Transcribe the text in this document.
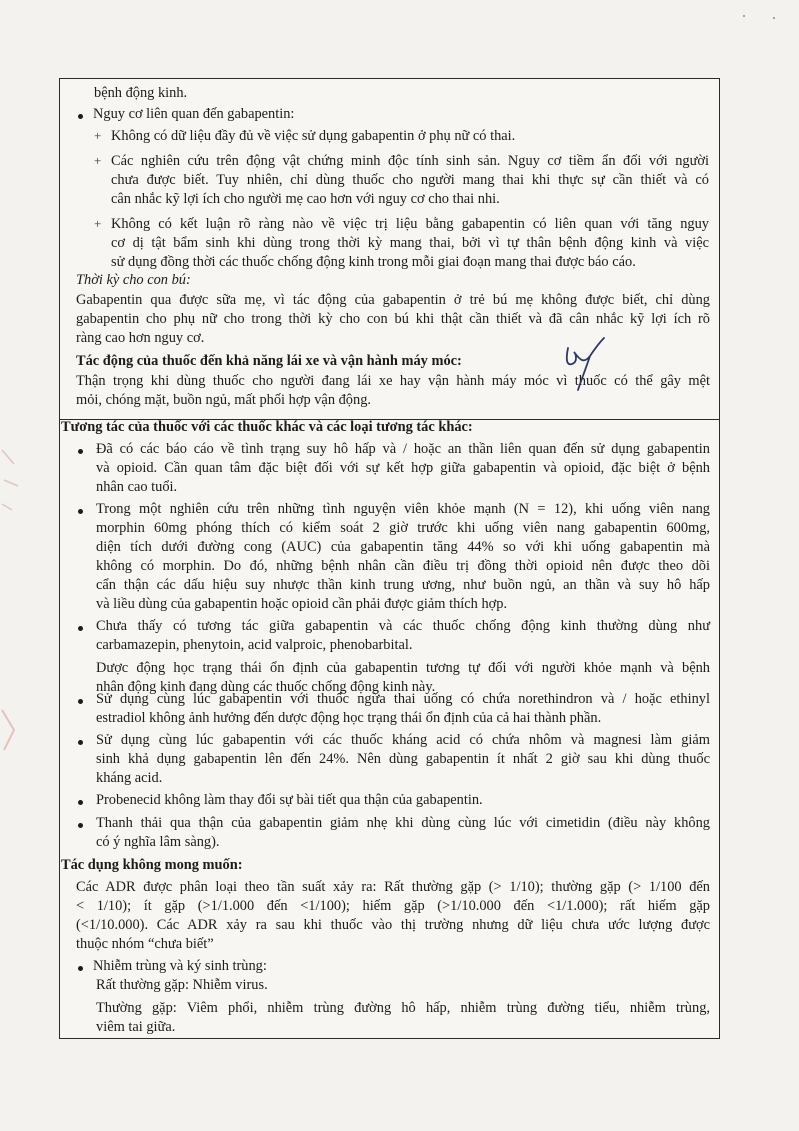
bệnh động kinh.
Nguy cơ liên quan đến gabapentin:
+ Không có dữ liệu đầy đủ về việc sử dụng gabapentin ở phụ nữ có thai.
+ Các nghiên cứu trên động vật chứng minh độc tính sinh sản. Nguy cơ tiềm ẩn đối với người
chưa được biết. Tuy nhiên, chỉ dùng thuốc cho người mang thai khi thực sự cần thiết và có
cân nhắc kỹ lợi ích cho người mẹ cao hơn với nguy cơ cho thai nhi.
+ Không có kết luận rõ ràng nào về việc trị liệu bằng gabapentin có liên quan với tăng nguy
cơ dị tật bẩm sinh khi dùng trong thời kỳ mang thai, bởi vì tự thân bệnh động kinh và việc
sử dụng đồng thời các thuốc chống động kinh trong mỗi giai đoạn mang thai được báo cáo.
Thời kỳ cho con bú:
Gabapentin qua được sữa mẹ, vì tác động của gabapentin ở trẻ bú mẹ không được biết, chỉ dùng
gabapentin cho phụ nữ cho trong thời kỳ cho con bú khi thật cần thiết và đã cân nhắc kỹ lợi ích rõ
ràng cao hơn nguy cơ.
Tác động của thuốc đến khả năng lái xe và vận hành máy móc:
Thận trọng khi dùng thuốc cho người đang lái xe hay vận hành máy móc vì thuốc có thể gây mệt
mỏi, chóng mặt, buồn ngủ, mất phối hợp vận động.
Tương tác của thuốc với các thuốc khác và các loại tương tác khác:
Đã có các báo cáo về tình trạng suy hô hấp và / hoặc an thần liên quan đến sử dụng gabapentin
và opioid. Cần quan tâm đặc biệt đối với sự kết hợp giữa gabapentin và opioid, đặc biệt ở bệnh
nhân cao tuổi.
Trong một nghiên cứu trên những tình nguyện viên khỏe mạnh (N = 12), khi uống viên nang
morphin 60mg phóng thích có kiểm soát 2 giờ trước khi uống viên nang gabapentin 600mg,
diện tích dưới đường cong (AUC) của gabapentin tăng 44% so với khi uống gabapentin mà
không có morphin. Do đó, những bệnh nhân cần điều trị đồng thời opioid nên được theo dõi
cẩn thận các dấu hiệu suy nhược thần kinh trung ương, như buồn ngủ, an thần và suy hô hấp
và liều dùng của gabapentin hoặc opioid cần phải được giảm thích hợp.
Chưa thấy có tương tác giữa gabapentin và các thuốc chống động kinh thường dùng như
carbamazepin, phenytoin, acid valproic, phenobarbital.
Dược động học trạng thái ổn định của gabapentin tương tự đối với người khỏe mạnh và bệnh
nhân động kinh đang dùng các thuốc chống động kinh này.
Sử dụng cùng lúc gabapentin với thuốc ngừa thai uống có chứa norethindron và / hoặc ethinyl
estradiol không ảnh hưởng đến dược động học trạng thái ổn định của cả hai thành phần.
Sử dụng cùng lúc gabapentin với các thuốc kháng acid có chứa nhôm và magnesi làm giảm
sinh khả dụng gabapentin lên đến 24%. Nên dùng gabapentin ít nhất 2 giờ sau khi dùng thuốc
kháng acid.
Probenecid không làm thay đổi sự bài tiết qua thận của gabapentin.
Thanh thải qua thận của gabapentin giảm nhẹ khi dùng cùng lúc với cimetidin (điều này không
có ý nghĩa lâm sàng).
Tác dụng không mong muốn:
Các ADR được phân loại theo tần suất xảy ra: Rất thường gặp (> 1/10); thường gặp (> 1/100 đến
< 1/10); ít gặp (>1/1.000 đến <1/100); hiếm gặp (>1/10.000 đến <1/1.000); rất hiếm gặp
(<1/10.000). Các ADR xảy ra sau khi thuốc vào thị trường nhưng dữ liệu chưa ước lượng được
thuộc nhóm “chưa biết”
Nhiễm trùng và ký sinh trùng:
Rất thường gặp: Nhiễm virus.
Thường gặp: Viêm phổi, nhiễm trùng đường hô hấp, nhiễm trùng đường tiểu, nhiễm trùng,
viêm tai giữa.
